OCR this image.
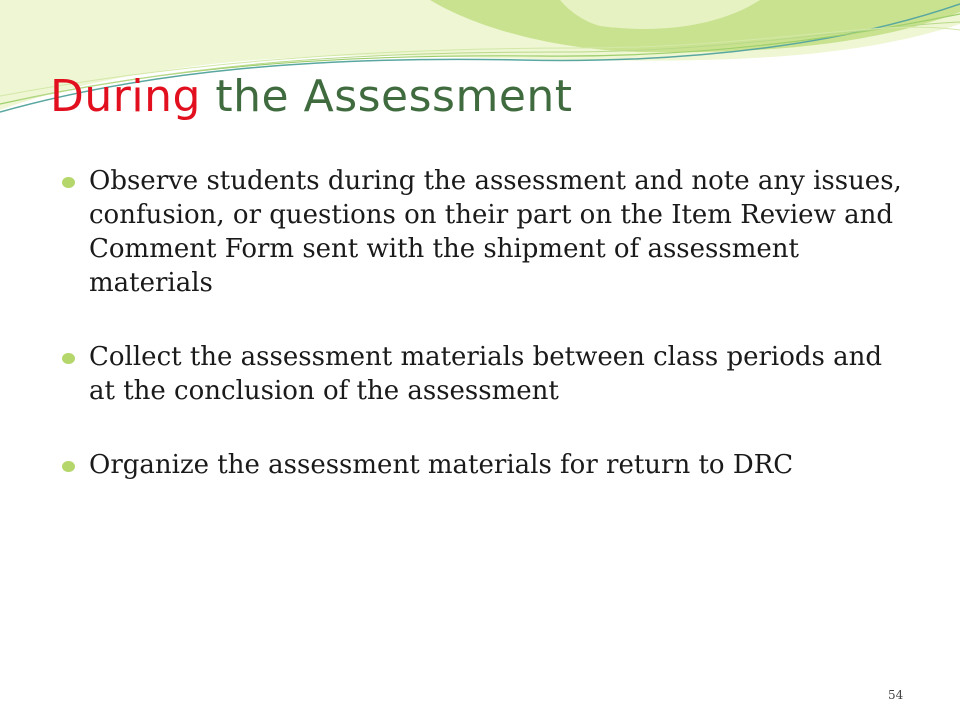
During the Assessment
Observe students during the assessment and note any issues, confusion, or questions on their part on the Item Review and Comment Form sent with the shipment of assessment materials
Collect the assessment materials between class periods and at the conclusion of the assessment
Organize the assessment materials for return to DRC
54
